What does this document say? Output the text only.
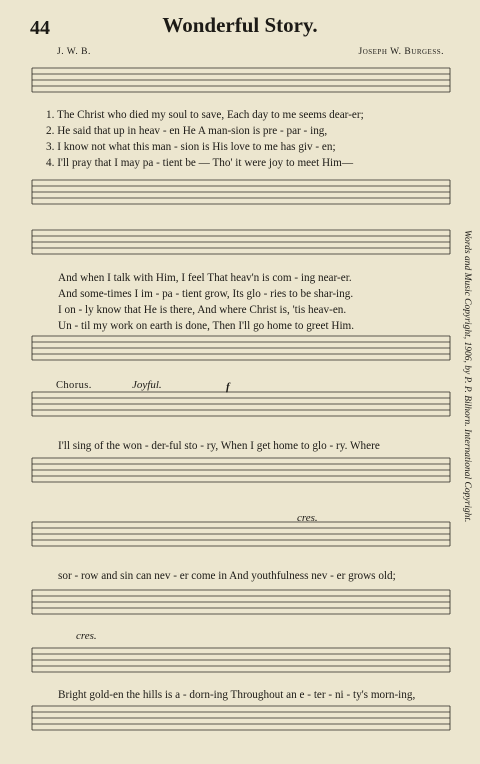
44	Wonderful Story.
J. W. B.	Joseph W. Burgess.
1. The Christ who died my soul to save, Each day to me seems dear-er;
2. He said that up in heav - en He A man-sion is pre - par - ing,
3. I know not what this man - sion is His love to me has giv - en;
4. I'll pray that I may pa - tient be — Tho' it were joy to meet Him—
And when I talk with Him, I feel That heav'n is com - ing near-er.
And some-times I im - pa - tient grow, Its glo - ries to be shar-ing.
I on - ly know that He is there, And where Christ is, 'tis heav-en.
Un - til my work on earth is done, Then I'll go home to greet Him.
Chorus.	Joyful.	f
I'll sing of the won - der-ful sto - ry, When I get home to glo - ry. Where
cres.
sor - row and sin can nev - er come in And youthfulness nev - er grows old;
cres.
Bright gold-en the hills is a - dorn-ing Throughout an e - ter - ni - ty's morn-ing,
Words and Music Copyright, 1906, by P. P. Bilhorn. International Copyright.
